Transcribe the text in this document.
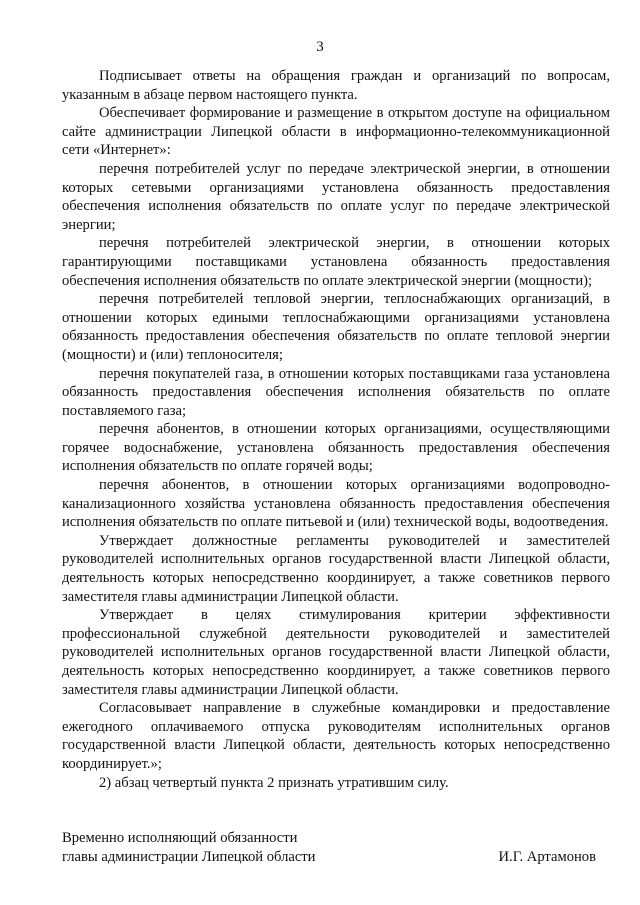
3

Подписывает ответы на обращения граждан и организаций по вопросам, указанным в абзаце первом настоящего пункта.

Обеспечивает формирование и размещение в открытом доступе на официальном сайте администрации Липецкой области в информационно-телекоммуникационной сети «Интернет»:

перечня потребителей услуг по передаче электрической энергии, в отношении которых сетевыми организациями установлена обязанность предоставления обеспечения исполнения обязательств по оплате услуг по передаче электрической энергии;

перечня потребителей электрической энергии, в отношении которых гарантирующими поставщиками установлена обязанность предоставления обеспечения исполнения обязательств по оплате электрической энергии (мощности);

перечня потребителей тепловой энергии, теплоснабжающих организаций, в отношении которых едиными теплоснабжающими организациями установлена обязанность предоставления обеспечения обязательств по оплате тепловой энергии (мощности) и (или) теплоносителя;

перечня покупателей газа, в отношении которых поставщиками газа установлена обязанность предоставления обеспечения исполнения обязательств по оплате поставляемого газа;

перечня абонентов, в отношении которых организациями, осуществляющими горячее водоснабжение, установлена обязанность предоставления обеспечения исполнения обязательств по оплате горячей воды;

перечня абонентов, в отношении которых организациями водопроводно-канализационного хозяйства установлена обязанность предоставления обеспечения исполнения обязательств по оплате питьевой и (или) технической воды, водоотведения.

Утверждает должностные регламенты руководителей и заместителей руководителей исполнительных органов государственной власти Липецкой области, деятельность которых непосредственно координирует, а также советников первого заместителя главы администрации Липецкой области.

Утверждает в целях стимулирования критерии эффективности профессиональной служебной деятельности руководителей и заместителей руководителей исполнительных органов государственной власти Липецкой области, деятельность которых непосредственно координирует, а также советников первого заместителя главы администрации Липецкой области.

Согласовывает направление в служебные командировки и предоставление ежегодного оплачиваемого отпуска руководителям исполнительных органов государственной власти Липецкой области, деятельность которых непосредственно координирует.»;

2) абзац четвертый пункта 2 признать утратившим силу.

Временно исполняющий обязанности
главы администрации Липецкой области	И.Г. Артамонов
